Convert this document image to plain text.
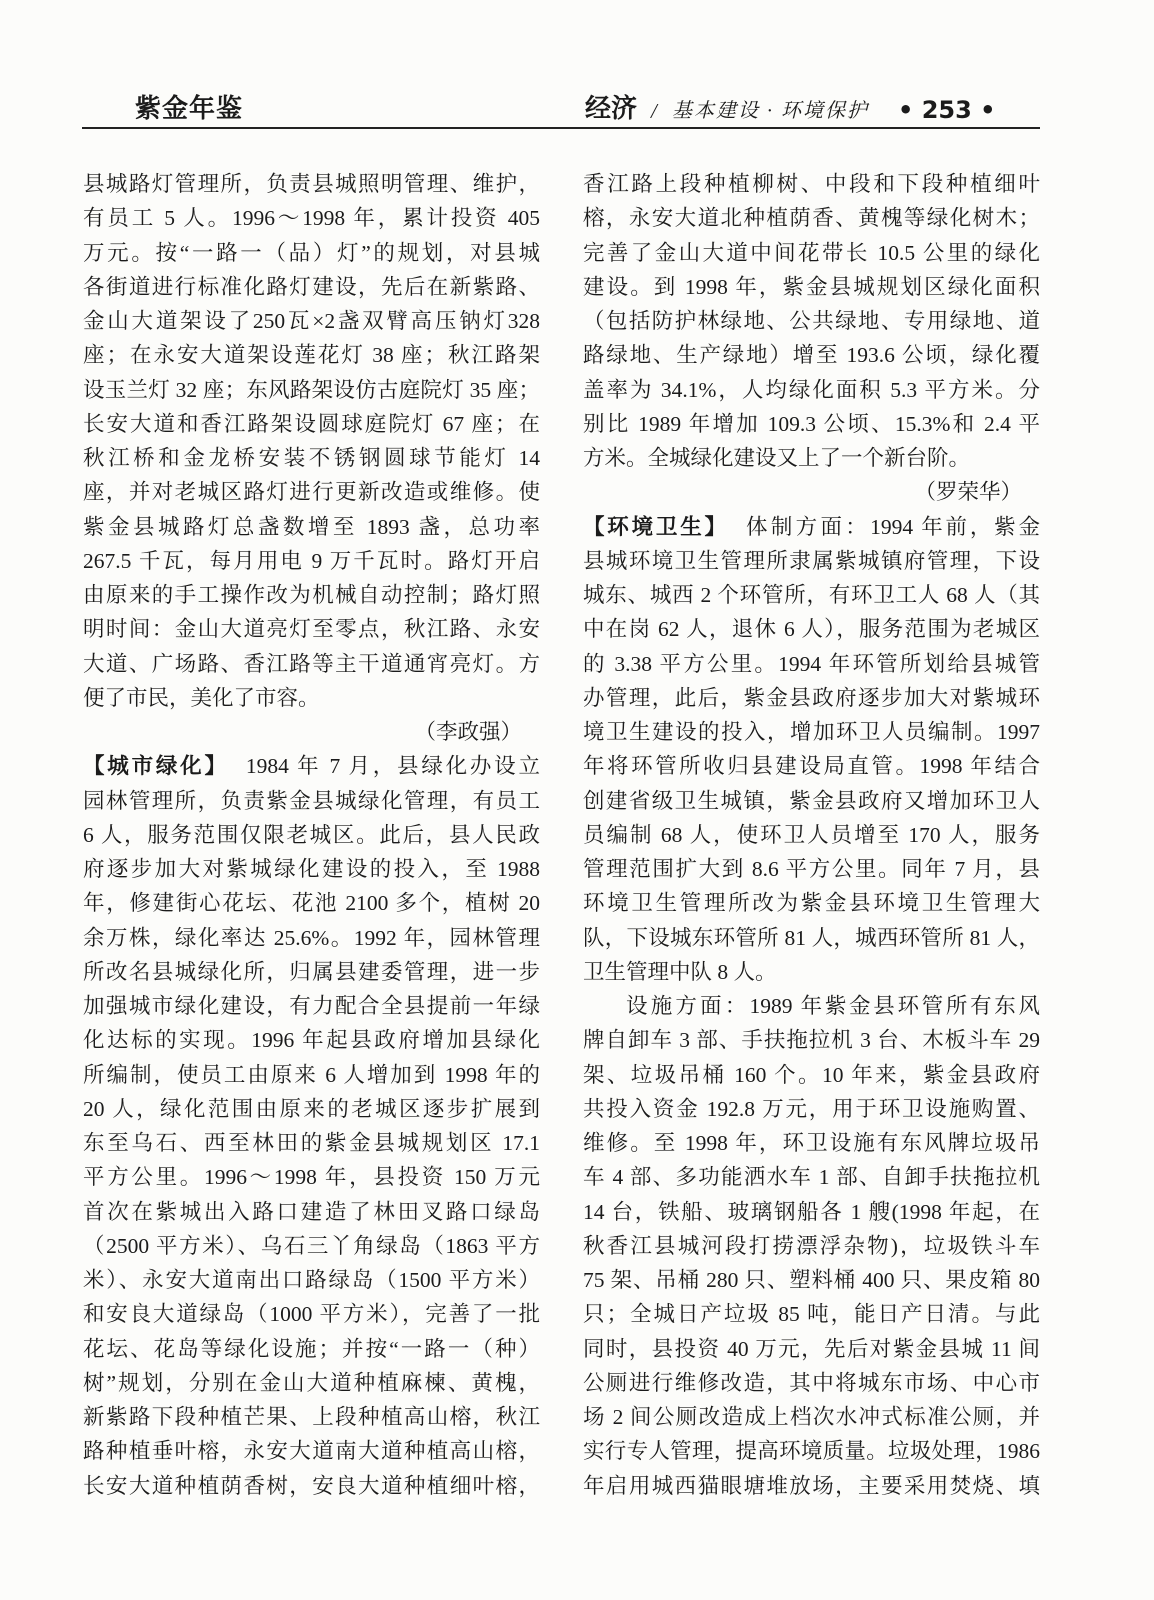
紫金年鉴	经济 / 基本建设 · 环境保护 • 253 •
县城路灯管理所，负责县城照明管理、维护，
有员工 5 人。1996～1998 年，累计投资 405
万元。按“一路一（品）灯”的规划，对县城
各街道进行标准化路灯建设，先后在新紫路、
金山大道架设了250瓦×2盏双臂高压钠灯328
座；在永安大道架设莲花灯 38 座；秋江路架
设玉兰灯 32 座；东风路架设仿古庭院灯 35 座；
长安大道和香江路架设圆球庭院灯 67 座；在
秋江桥和金龙桥安装不锈钢圆球节能灯 14
座，并对老城区路灯进行更新改造或维修。使
紫金县城路灯总盏数增至 1893 盏，总功率
267.5 千瓦，每月用电 9 万千瓦时。路灯开启
由原来的手工操作改为机械自动控制；路灯照
明时间：金山大道亮灯至零点，秋江路、永安
大道、广场路、香江路等主干道通宵亮灯。方
便了市民，美化了市容。
（李政强）
【城市绿化】 1984 年 7 月，县绿化办设立
园林管理所，负责紫金县城绿化管理，有员工
6 人，服务范围仅限老城区。此后，县人民政
府逐步加大对紫城绿化建设的投入，至 1988
年，修建街心花坛、花池 2100 多个，植树 20
余万株，绿化率达 25.6%。1992 年，园林管理
所改名县城绿化所，归属县建委管理，进一步
加强城市绿化建设，有力配合全县提前一年绿
化达标的实现。1996 年起县政府增加县绿化
所编制，使员工由原来 6 人增加到 1998 年的
20 人，绿化范围由原来的老城区逐步扩展到
东至乌石、西至林田的紫金县城规划区 17.1
平方公里。1996～1998 年，县投资 150 万元
首次在紫城出入路口建造了林田叉路口绿岛
（2500 平方米）、乌石三丫角绿岛（1863 平方
米）、永安大道南出口路绿岛（1500 平方米）
和安良大道绿岛（1000 平方米），完善了一批
花坛、花岛等绿化设施；并按“一路一（种）
树”规划，分别在金山大道种植麻楝、黄槐，
新紫路下段种植芒果、上段种植高山榕，秋江
路种植垂叶榕，永安大道南大道种植高山榕，
长安大道种植荫香树，安良大道种植细叶榕，
香江路上段种植柳树、中段和下段种植细叶
榕，永安大道北种植荫香、黄槐等绿化树木；
完善了金山大道中间花带长 10.5 公里的绿化
建设。到 1998 年，紫金县城规划区绿化面积
（包括防护林绿地、公共绿地、专用绿地、道
路绿地、生产绿地）增至 193.6 公顷，绿化覆
盖率为 34.1%，人均绿化面积 5.3 平方米。分
别比 1989 年增加 109.3 公顷、15.3%和 2.4 平
方米。全城绿化建设又上了一个新台阶。
（罗荣华）
【环境卫生】 体制方面：1994 年前，紫金
县城环境卫生管理所隶属紫城镇府管理，下设
城东、城西 2 个环管所，有环卫工人 68 人（其
中在岗 62 人，退休 6 人），服务范围为老城区
的 3.38 平方公里。1994 年环管所划给县城管
办管理，此后，紫金县政府逐步加大对紫城环
境卫生建设的投入，增加环卫人员编制。1997
年将环管所收归县建设局直管。1998 年结合
创建省级卫生城镇，紫金县政府又增加环卫人
员编制 68 人，使环卫人员增至 170 人，服务
管理范围扩大到 8.6 平方公里。同年 7 月，县
环境卫生管理所改为紫金县环境卫生管理大
队，下设城东环管所 81 人，城西环管所 81 人，
卫生管理中队 8 人。
设施方面：1989 年紫金县环管所有东风
牌自卸车 3 部、手扶拖拉机 3 台、木板斗车 29
架、垃圾吊桶 160 个。10 年来，紫金县政府
共投入资金 192.8 万元，用于环卫设施购置、
维修。至 1998 年，环卫设施有东风牌垃圾吊
车 4 部、多功能洒水车 1 部、自卸手扶拖拉机
14 台，铁船、玻璃钢船各 1 艘(1998 年起，在
秋香江县城河段打捞漂浮杂物)，垃圾铁斗车
75 架、吊桶 280 只、塑料桶 400 只、果皮箱 80
只；全城日产垃圾 85 吨，能日产日清。与此
同时，县投资 40 万元，先后对紫金县城 11 间
公厕进行维修改造，其中将城东市场、中心市
场 2 间公厕改造成上档次水冲式标准公厕，并
实行专人管理，提高环境质量。垃圾处理，1986
年启用城西猫眼塘堆放场，主要采用焚烧、填
